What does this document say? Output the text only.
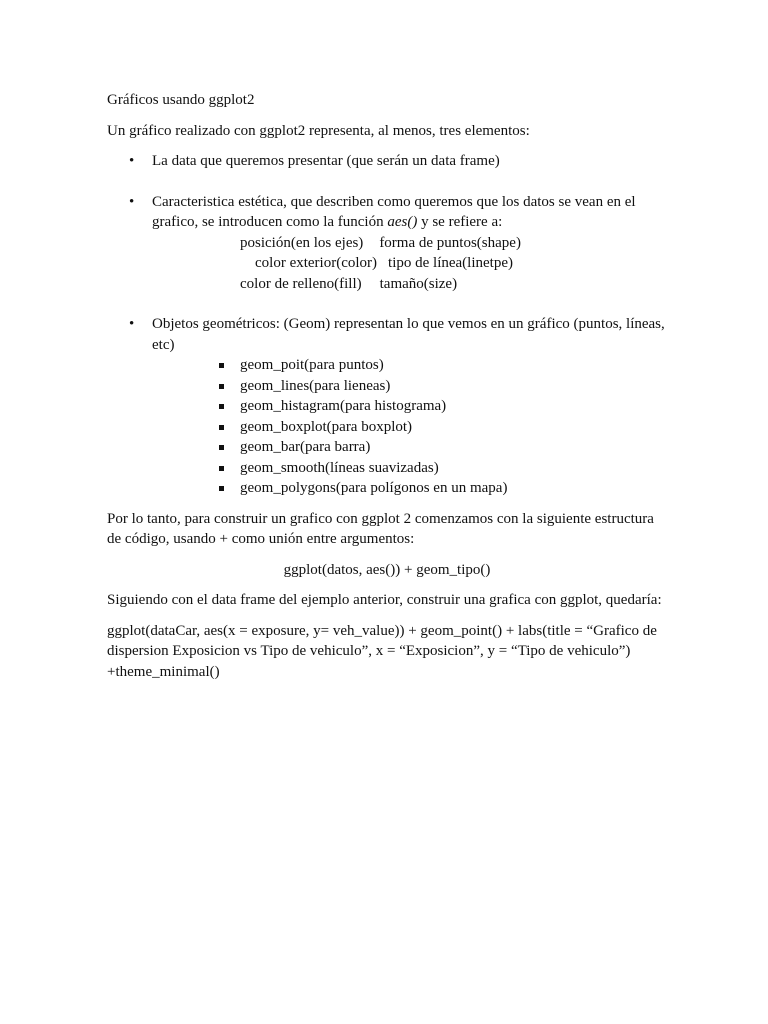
Gráficos usando ggplot2

Un gráfico realizado con ggplot2 representa, al menos, tres elementos:

• La data que queremos presentar (que serán un data frame)
• Caracteristica estética, que describen como queremos que los datos se vean en el grafico, se introducen como la función aes() y se refiere a:
posición(en los ejes) forma de puntos(shape)
color exterior(color) tipo de línea(linetpe)
color de relleno(fill) tamaño(size)
• Objetos geométricos: (Geom) representan lo que vemos en un gráfico (puntos, líneas, etc)
geom_poit(para puntos)
geom_lines(para lieneas)
geom_histagram(para histograma)
geom_boxplot(para boxplot)
geom_bar(para barra)
geom_smooth(líneas suavizadas)
geom_polygons(para polígonos en un mapa)

Por lo tanto, para construir un grafico con ggplot 2 comenzamos con la siguiente estructura de código, usando + como unión entre argumentos:

ggplot(datos, aes()) + geom_tipo()

Siguiendo con el data frame del ejemplo anterior, construir una grafica con ggplot, quedaría:

ggplot(dataCar, aes(x = exposure, y= veh_value)) + geom_point() + labs(title = “Grafico de dispersion Exposicion vs Tipo de vehiculo”, x = “Exposicion”, y = “Tipo de vehiculo”) +theme_minimal()
